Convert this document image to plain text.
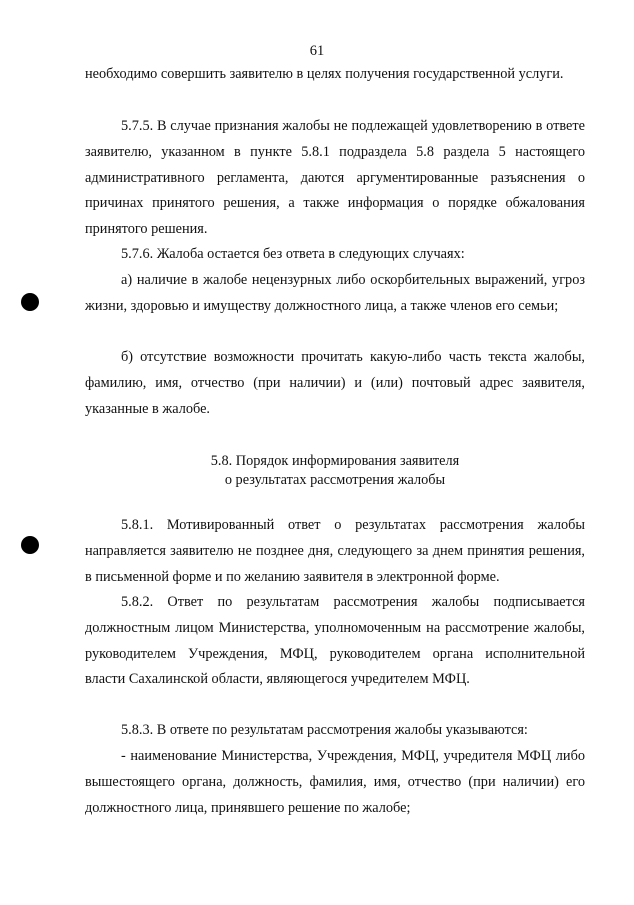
61

необходимо совершить заявителю в целях получения государственной услуги.

5.7.5. В случае признания жалобы не подлежащей удовлетворению в ответе заявителю, указанном в пункте 5.8.1 подраздела 5.8 раздела 5 настоящего административного регламента, даются аргументированные разъяснения о причинах принятого решения, а также информация о порядке обжалования принятого решения.

5.7.6. Жалоба остается без ответа в следующих случаях:

а) наличие в жалобе нецензурных либо оскорбительных выражений, угроз жизни, здоровью и имуществу должностного лица, а также членов его семьи;

б) отсутствие возможности прочитать какую-либо часть текста жалобы, фамилию, имя, отчество (при наличии) и (или) почтовый адрес заявителя, указанные в жалобе.

5.8. Порядок информирования заявителя
о результатах рассмотрения жалобы

5.8.1. Мотивированный ответ о результатах рассмотрения жалобы направляется заявителю не позднее дня, следующего за днем принятия решения, в письменной форме и по желанию заявителя в электронной форме.

5.8.2. Ответ по результатам рассмотрения жалобы подписывается должностным лицом Министерства, уполномоченным на рассмотрение жалобы, руководителем Учреждения, МФЦ, руководителем органа исполнительной власти Сахалинской области, являющегося учредителем МФЦ.

5.8.3. В ответе по результатам рассмотрения жалобы указываются:

- наименование Министерства, Учреждения, МФЦ, учредителя МФЦ либо вышестоящего органа, должность, фамилия, имя, отчество (при наличии) его должностного лица, принявшего решение по жалобе;
